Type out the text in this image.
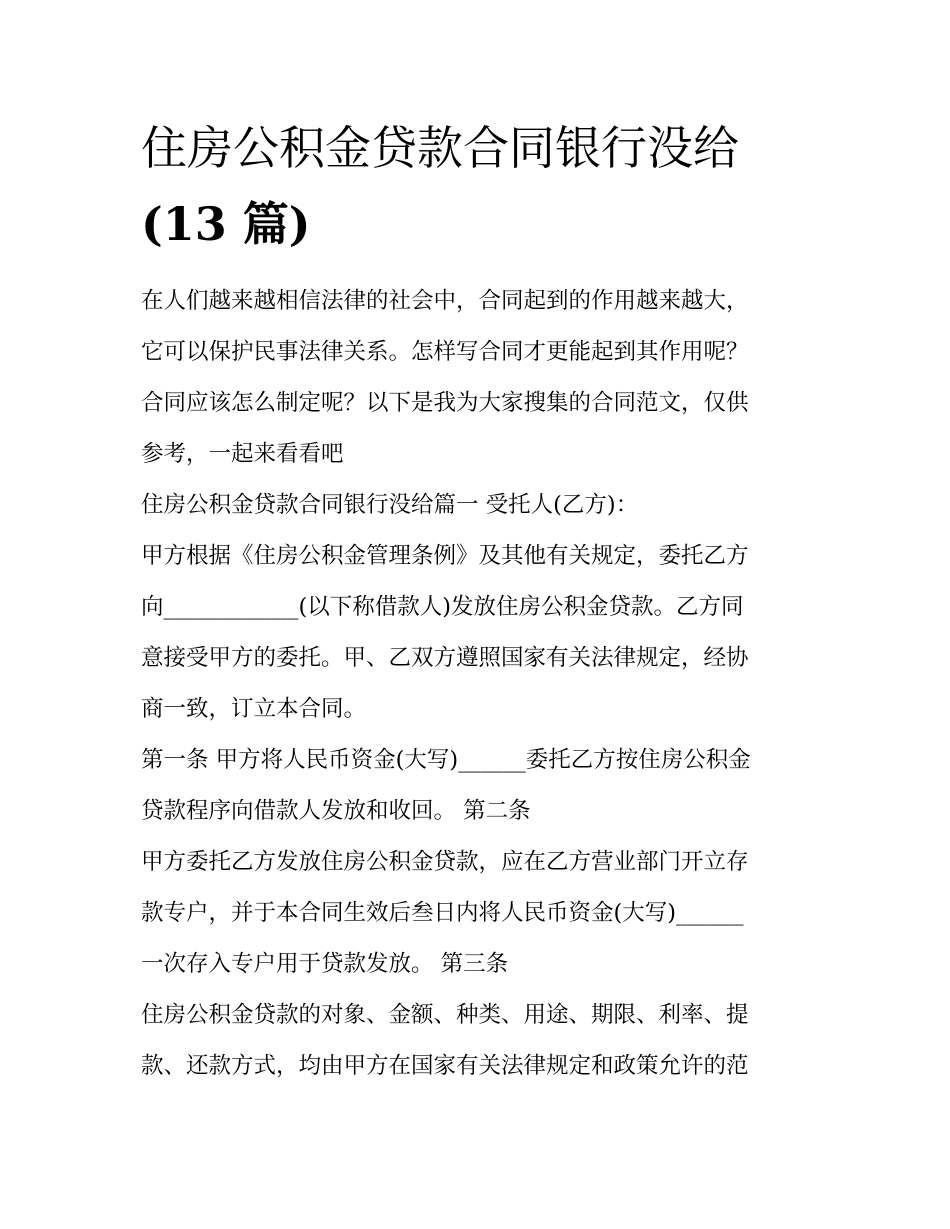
住房公积金贷款合同银行没给
(13 篇)
在人们越来越相信法律的社会中，合同起到的作用越来越大，
它可以保护民事法律关系。怎样写合同才更能起到其作用呢？
合同应该怎么制定呢？以下是我为大家搜集的合同范文，仅供
参考，一起来看看吧
住房公积金贷款合同银行没给篇一 受托人(乙方)：
甲方根据《住房公积金管理条例》及其他有关规定，委托乙方
向____________(以下称借款人)发放住房公积金贷款。乙方同
意接受甲方的委托。甲、乙双方遵照国家有关法律规定，经协
商一致，订立本合同。
第一条 甲方将人民币资金(大写)______委托乙方按住房公积金
贷款程序向借款人发放和收回。 第二条
甲方委托乙方发放住房公积金贷款，应在乙方营业部门开立存
款专户，并于本合同生效后叁日内将人民币资金(大写)______
一次存入专户用于贷款发放。 第三条
住房公积金贷款的对象、金额、种类、用途、期限、利率、提
款、还款方式，均由甲方在国家有关法律规定和政策允许的范
